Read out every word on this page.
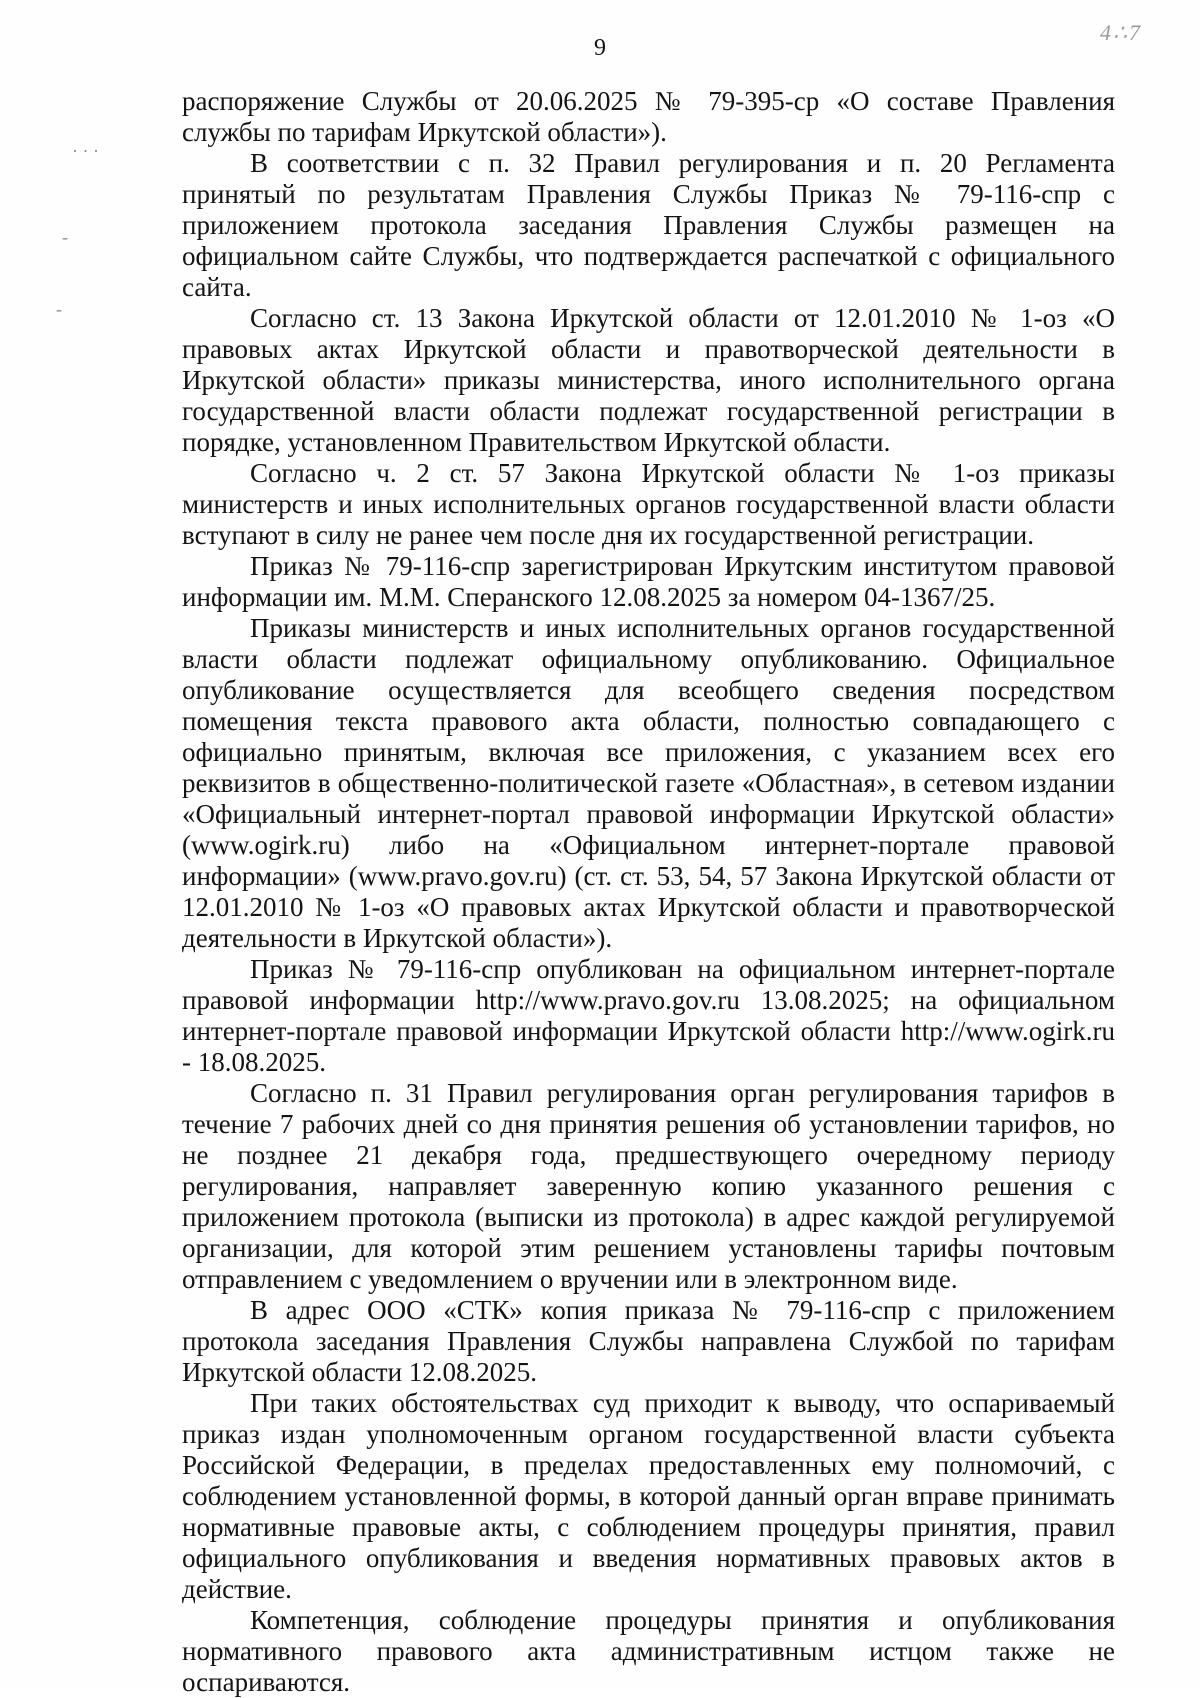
4∴7
9
· · ·
-
-

распоряжение Службы от 20.06.2025 № 79-395-ср «О составе Правления службы по тарифам Иркутской области»).

В соответствии с п. 32 Правил регулирования и п. 20 Регламента принятый по результатам Правления Службы Приказ № 79-116-спр с приложением протокола заседания Правления Службы размещен на официальном сайте Службы, что подтверждается распечаткой с официального сайта.

Согласно ст. 13 Закона Иркутской области от 12.01.2010 № 1-оз «О правовых актах Иркутской области и правотворческой деятельности в Иркутской области» приказы министерства, иного исполнительного органа государственной власти области подлежат государственной регистрации в порядке, установленном Правительством Иркутской области.

Согласно ч. 2 ст. 57 Закона Иркутской области № 1-оз приказы министерств и иных исполнительных органов государственной власти области вступают в силу не ранее чем после дня их государственной регистрации.

Приказ № 79-116-спр зарегистрирован Иркутским институтом правовой информации им. М.М. Сперанского 12.08.2025 за номером 04-1367/25.

Приказы министерств и иных исполнительных органов государственной власти области подлежат официальному опубликованию. Официальное опубликование осуществляется для всеобщего сведения посредством помещения текста правового акта области, полностью совпадающего с официально принятым, включая все приложения, с указанием всех его реквизитов в общественно-политической газете «Областная», в сетевом издании «Официальный интернет-портал правовой информации Иркутской области» (www.ogirk.ru) либо на «Официальном интернет-портале правовой информации» (www.pravo.gov.ru) (ст. ст. 53, 54, 57 Закона Иркутской области от 12.01.2010 № 1-оз «О правовых актах Иркутской области и правотворческой деятельности в Иркутской области»).

Приказ № 79-116-спр опубликован на официальном интернет-портале правовой информации http://www.pravo.gov.ru 13.08.2025; на официальном интернет-портале правовой информации Иркутской области http://www.ogirk.ru - 18.08.2025.

Согласно п. 31 Правил регулирования орган регулирования тарифов в течение 7 рабочих дней со дня принятия решения об установлении тарифов, но не позднее 21 декабря года, предшествующего очередному периоду регулирования, направляет заверенную копию указанного решения с приложением протокола (выписки из протокола) в адрес каждой регулируемой организации, для которой этим решением установлены тарифы почтовым отправлением с уведомлением о вручении или в электронном виде.

В адрес ООО «СТК» копия приказа № 79-116-спр с приложением протокола заседания Правления Службы направлена Службой по тарифам Иркутской области 12.08.2025.

При таких обстоятельствах суд приходит к выводу, что оспариваемый приказ издан уполномоченным органом государственной власти субъекта Российской Федерации, в пределах предоставленных ему полномочий, с соблюдением установленной формы, в которой данный орган вправе принимать нормативные правовые акты, с соблюдением процедуры принятия, правил официального опубликования и введения нормативных правовых актов в действие.

Компетенция, соблюдение процедуры принятия и опубликования нормативного правового акта административным истцом также не оспариваются.
